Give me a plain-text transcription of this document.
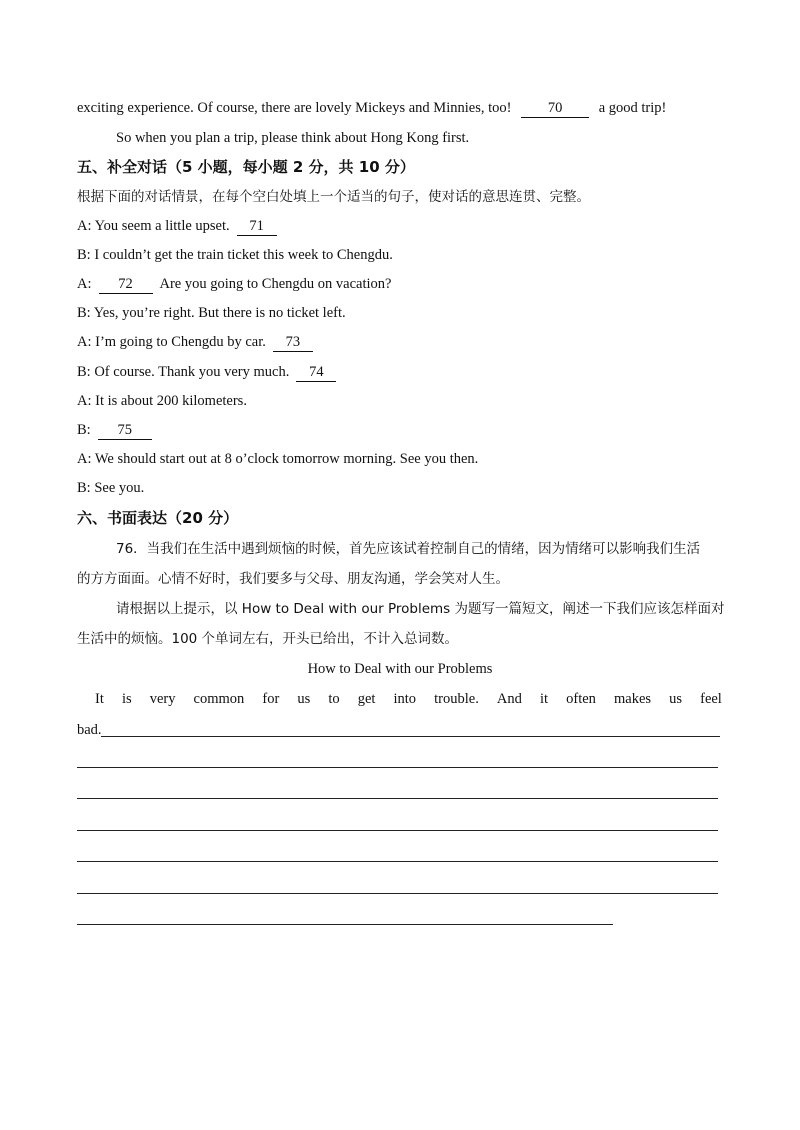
exciting experience. Of course, there are lovely Mickeys and Minnies, too!	70	a good trip!
So when you plan a trip, please think about Hong Kong first.
五、补全对话（5 小题，每小题 2 分，共 10 分）
根据下面的对话情景，在每个空白处填上一个适当的句子，使对话的意思连贯、完整。
A: You seem a little upset. 71
B: I couldn’t get the train ticket this week to Chengdu.
A: 72 Are you going to Chengdu on vacation?
B: Yes, you’re right. But there is no ticket left.
A: I’m going to Chengdu by car. 73
B: Of course. Thank you very much. 74
A: It is about 200 kilometers.
B: 75
A: We should start out at 8 o’clock tomorrow morning. See you then.
B: See you.
六、书面表达（20 分）
76．当我们在生活中遇到烦恼的时候，首先应该试着控制自己的情绪，因为情绪可以影响我们生活
的方方面面。心情不好时，我们要多与父母、朋友沟通，学会笑对人生。
请根据以上提示，以 How to Deal with our Problems 为题写一篇短文，阐述一下我们应该怎样面对
生活中的烦恼。100 个单词左右，开头已给出，不计入总词数。
How to Deal with our Problems
It is very common for us to get into trouble. And it often makes us feel
bad.
